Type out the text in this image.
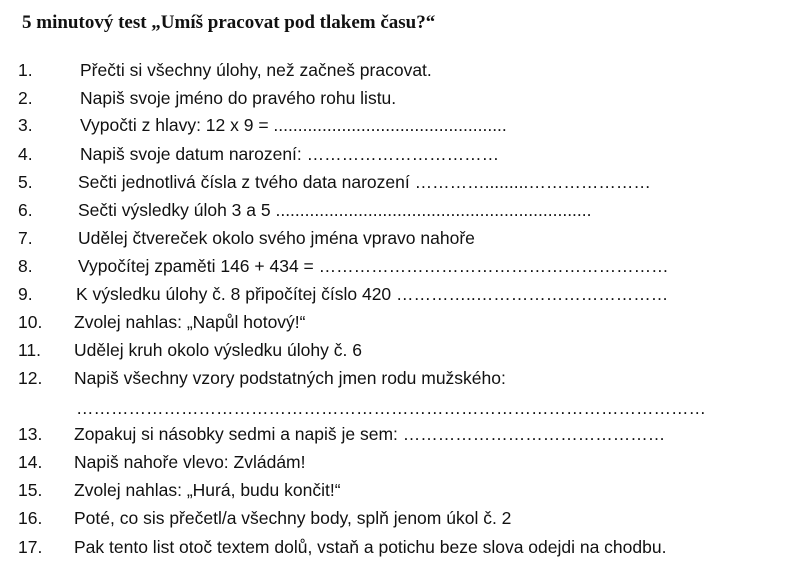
5 minutový test „Umíš pracovat pod tlakem času?“
1.	Přečti si všechny úlohy, než začneš pracovat.
2.	Napiš svoje jméno do pravého rohu listu.
3.	Vypočti z hlavy: 12 x 9 = ................................................
4.	Napiš svoje datum narození: ……………………………
5.	Sečti jednotlivá čísla z tvého data narození ………….........…………………
6.	Sečti výsledky úloh 3 a 5 .................................................................
7.	Udělej čtvereček okolo svého jména vpravo nahoře
8.	Vypočítej zpaměti 146 + 434 = ……………………………………………………
9. K výsledku úlohy č. 8 připočítej číslo 420 …………..……………………………
10. Zvolej nahlas: „Napůl hotový!“
11. Udělej kruh okolo výsledku úlohy č. 6
12. Napiš všechny vzory podstatných jmen rodu mužského:
………………………………………………………………………………………………
13. Zopakuj si násobky sedmi a napiš je sem: ………………………………………
14. Napiš nahoře vlevo: Zvládám!
15. Zvolej nahlas: „Hurá, budu končit!“
16. Poté, co sis přečetl/a všechny body, splň jenom úkol č. 2
17. Pak tento list otoč textem dolů, vstaň a potichu beze slova odejdi na chodbu.
